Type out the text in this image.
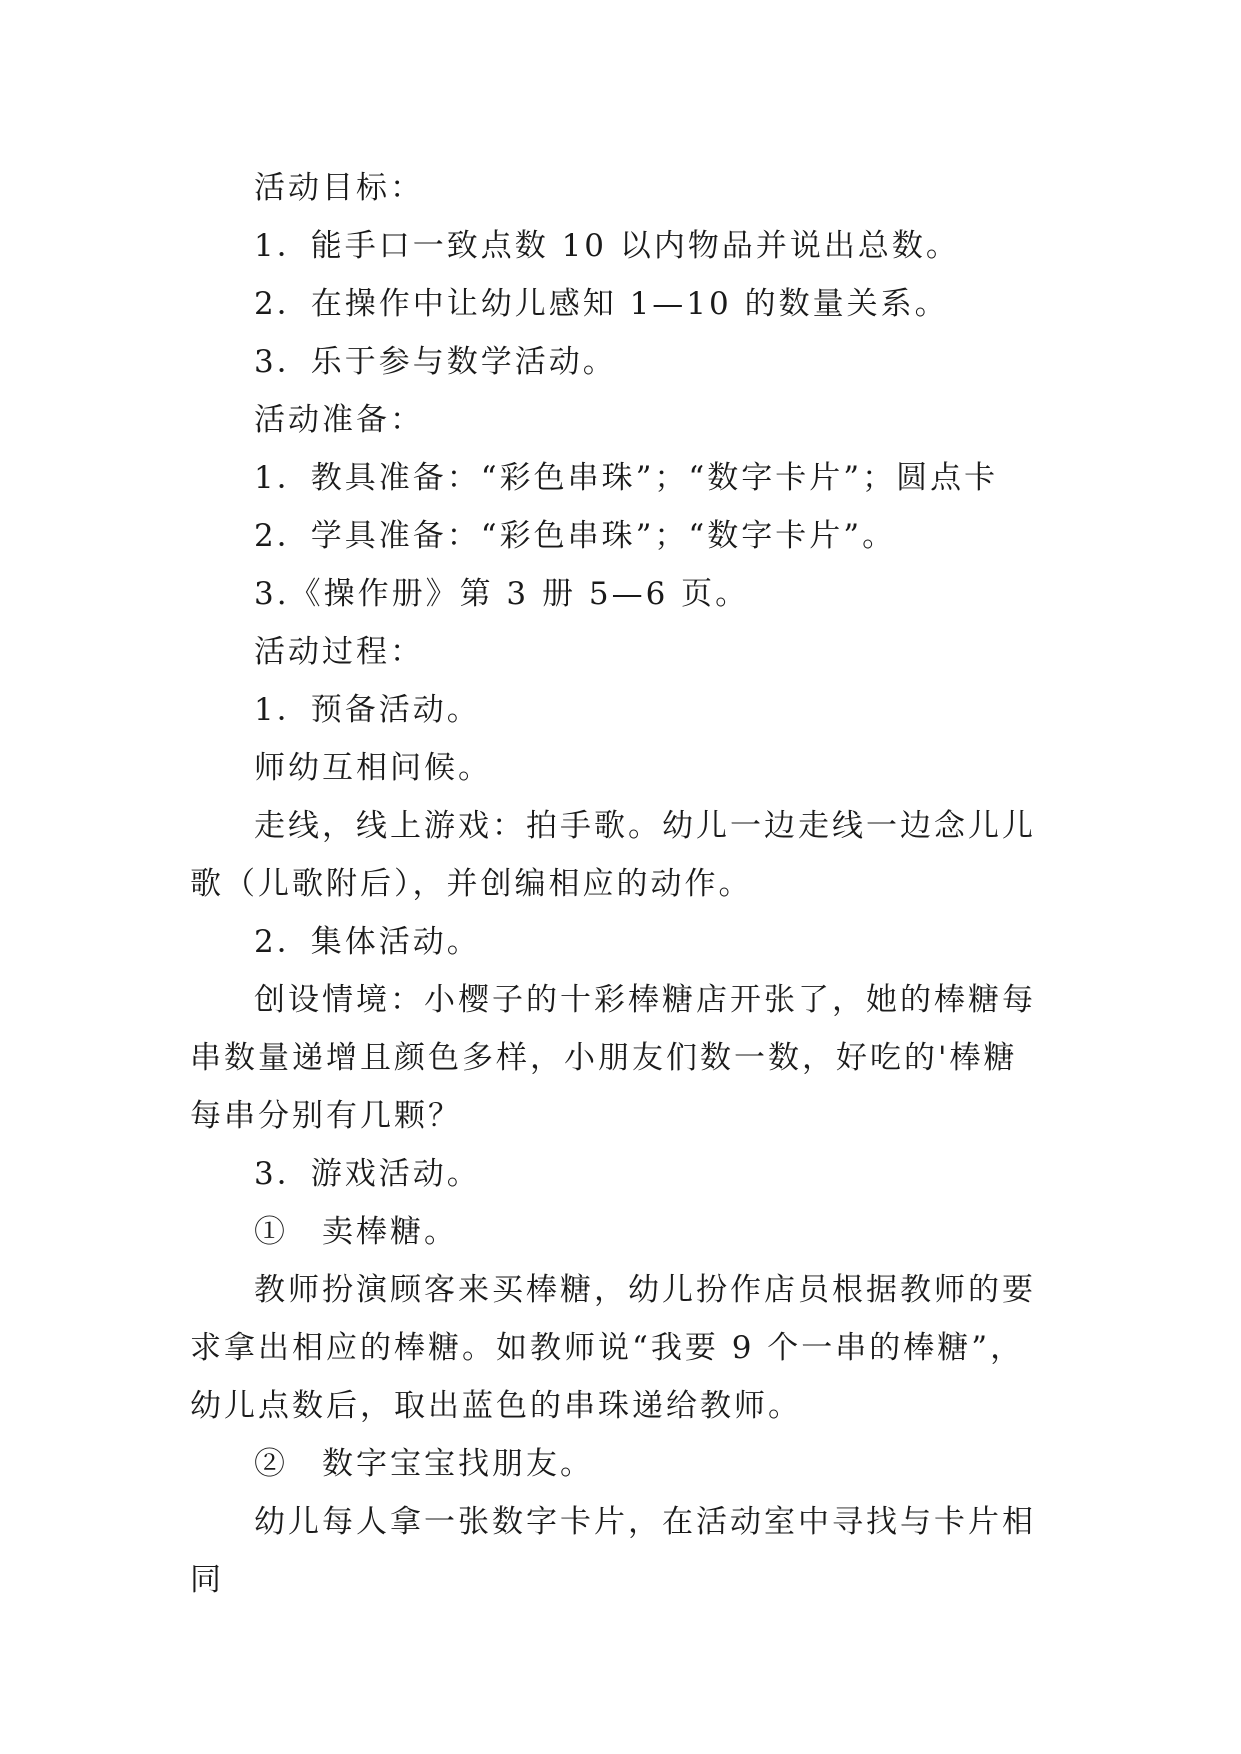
活动目标：

1．能手口一致点数 10 以内物品并说出总数。

2．在操作中让幼儿感知 1—10 的数量关系。

3．乐于参与数学活动。

活动准备：

1．教具准备：“彩色串珠”；“数字卡片”；圆点卡

2．学具准备：“彩色串珠”；“数字卡片”。

3.《操作册》第 3 册 5—6 页。

活动过程：

1．预备活动。

师幼互相问候。

走线，线上游戏：拍手歌。幼儿一边走线一边念儿儿歌（儿歌附后），并创编相应的动作。

2．集体活动。

创设情境：小樱子的十彩棒糖店开张了，她的棒糖每串数量递增且颜色多样，小朋友们数一数，好吃的'棒糖每串分别有几颗？

3．游戏活动。

①　卖棒糖。

教师扮演顾客来买棒糖，幼儿扮作店员根据教师的要求拿出相应的棒糖。如教师说“我要 9 个一串的棒糖”，　幼儿点数后，取出蓝色的串珠递给教师。

②　数字宝宝找朋友。

幼儿每人拿一张数字卡片，在活动室中寻找与卡片相同
